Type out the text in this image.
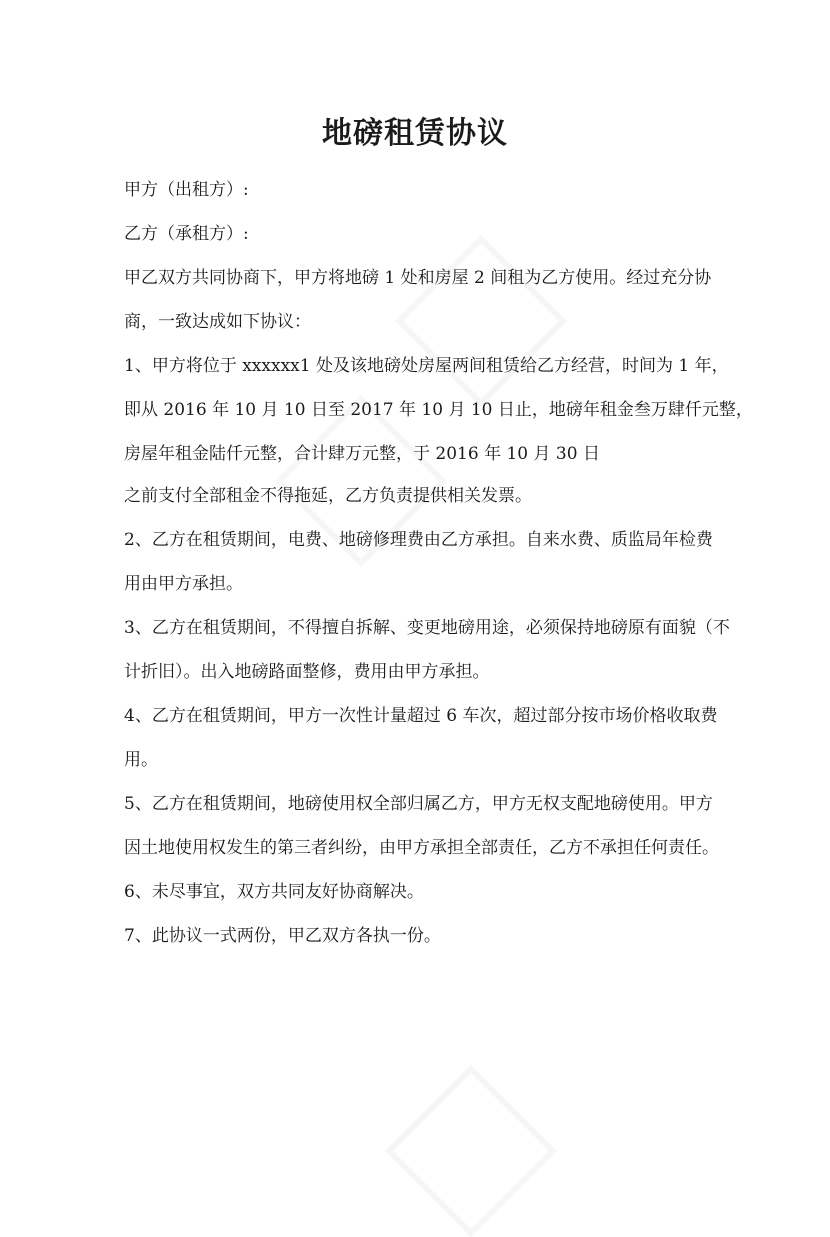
地磅租赁协议
甲方（出租方）:
乙方（承租方）:
甲乙双方共同协商下，甲方将地磅 1 处和房屋 2 间租为乙方使用。经过充分协
商，一致达成如下协议：
1、甲方将位于 xxxxxx1 处及该地磅处房屋两间租赁给乙方经营，时间为 1 年，
即从 2016 年 10 月 10 日至 2017 年 10 月 10 日止，地磅年租金叁万肆仟元整，
房屋年租金陆仟元整，合计肆万元整，于 2016 年 10 月 30 日
之前支付全部租金不得拖延，乙方负责提供相关发票。
2、乙方在租赁期间，电费、地磅修理费由乙方承担。自来水费、质监局年检费
用由甲方承担。
3、乙方在租赁期间，不得擅自拆解、变更地磅用途，必须保持地磅原有面貌（不
计折旧）。出入地磅路面整修，费用由甲方承担。
4、乙方在租赁期间，甲方一次性计量超过 6 车次，超过部分按市场价格收取费
用。
5、乙方在租赁期间，地磅使用权全部归属乙方，甲方无权支配地磅使用。甲方
因土地使用权发生的第三者纠纷，由甲方承担全部责任，乙方不承担任何责任。
6、未尽事宜，双方共同友好协商解决。
7、此协议一式两份，甲乙双方各执一份。
